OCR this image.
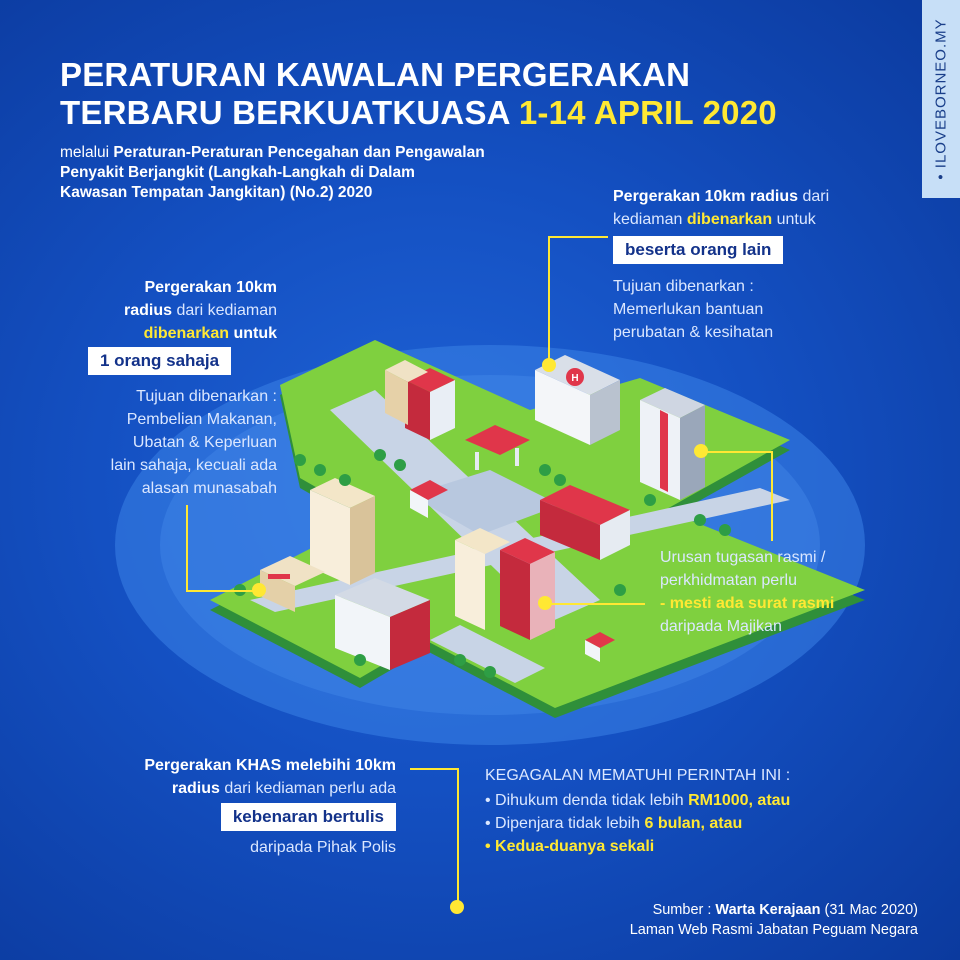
• ILOVEBORNEO.MY
PERATURAN KAWALAN PERGERAKAN
TERBARU BERKUATKUASA 1-14 APRIL 2020
melalui Peraturan-Peraturan Pencegahan dan Pengawalan
Penyakit Berjangkit (Langkah-Langkah di Dalam
Kawasan Tempatan Jangkitan) (No.2) 2020
H
Pergerakan 10km
radius dari kediaman
dibenarkan untuk
1 orang sahaja
Tujuan dibenarkan :
Pembelian Makanan,
Ubatan & Keperluan
lain sahaja, kecuali ada
alasan munasabah
Pergerakan 10km radius dari
kediaman dibenarkan untuk
beserta orang lain
Tujuan dibenarkan :
Memerlukan bantuan
perubatan & kesihatan
Urusan tugasan rasmi /
perkhidmatan perlu
- mesti ada surat rasmi
daripada Majikan
Pergerakan KHAS melebihi 10km
radius dari kediaman perlu ada
kebenaran bertulis
daripada Pihak Polis
KEGAGALAN MEMATUHI PERINTAH INI :
• Dihukum denda tidak lebih RM1000, atau
• Dipenjara tidak lebih 6 bulan, atau
• Kedua-duanya sekali
Sumber : Warta Kerajaan (31 Mac 2020)
Laman Web Rasmi Jabatan Peguam Negara
